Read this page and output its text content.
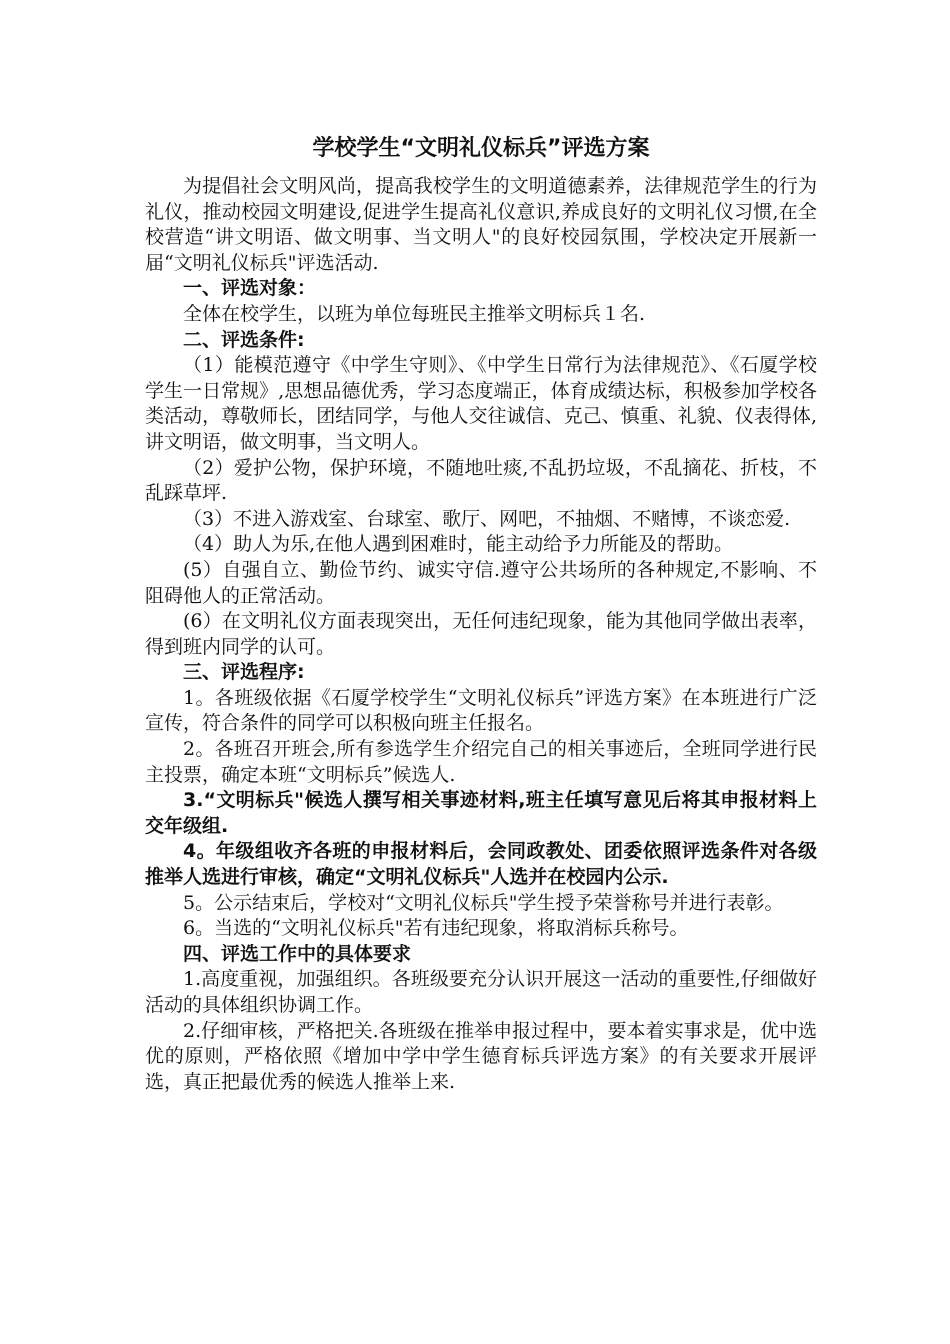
学校学生“文明礼仪标兵”评选方案

为提倡社会文明风尚，提高我校学生的文明道德素养，法律规范学生的行为礼仪，推动校园文明建设,促进学生提高礼仪意识,养成良好的文明礼仪习惯,在全校营造“讲文明语、做文明事、当文明人"的良好校园氛围，学校决定开展新一届“文明礼仪标兵"评选活动.

一、评选对象：

全体在校学生，以班为单位每班民主推举文明标兵１名.

二、评选条件:

（1）能模范遵守《中学生守则》、《中学生日常行为法律规范》、《石厦学校学生一日常规》,思想品德优秀，学习态度端正，体育成绩达标，积极参加学校各类活动，尊敬师长，团结同学，与他人交往诚信、克己、慎重、礼貌、仪表得体,讲文明语，做文明事，当文明人。

（2）爱护公物，保护环境，不随地吐痰,不乱扔垃圾，不乱摘花、折枝，不乱踩草坪.

（3）不进入游戏室、台球室、歌厅、网吧，不抽烟、不赌博，不谈恋爱.

（4）助人为乐,在他人遇到困难时，能主动给予力所能及的帮助。

(5）自强自立、勤俭节约、诚实守信.遵守公共场所的各种规定,不影响、不阻碍他人的正常活动。

(6）在文明礼仪方面表现突出，无任何违纪现象，能为其他同学做出表率，得到班内同学的认可。

三、评选程序:

1。各班级依据《石厦学校学生“文明礼仪标兵”评选方案》在本班进行广泛宣传，符合条件的同学可以积极向班主任报名。

2。各班召开班会,所有参选学生介绍完自己的相关事迹后，全班同学进行民主投票，确定本班“文明标兵”候选人.

3.“文明标兵"候选人撰写相关事迹材料,班主任填写意见后将其申报材料上交年级组.

4。年级组收齐各班的申报材料后，会同政教处、团委依照评选条件对各级推举人选进行审核，确定“文明礼仪标兵"人选并在校园内公示.

5。公示结束后，学校对“文明礼仪标兵"学生授予荣誉称号并进行表彰。

6。当选的“文明礼仪标兵"若有违纪现象，将取消标兵称号。

四、评选工作中的具体要求

1.高度重视，加强组织。各班级要充分认识开展这一活动的重要性,仔细做好活动的具体组织协调工作。

2.仔细审核，严格把关.各班级在推举申报过程中，要本着实事求是，优中选优的原则，严格依照《增加中学中学生德育标兵评选方案》的有关要求开展评选，真正把最优秀的候选人推举上来.
